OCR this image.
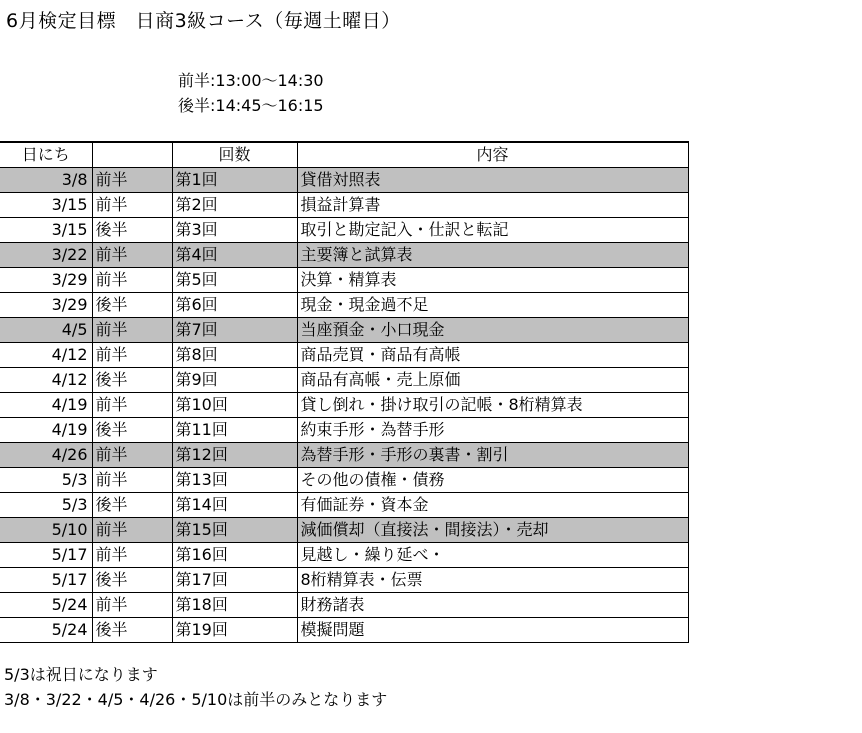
6月検定目標　日商3級コース（毎週土曜日）
前半:13:00〜14:30
後半:14:45〜16:15
日にち		回数	内容
3/8	前半	第1回	貸借対照表
3/15	前半	第2回	損益計算書
3/15	後半	第3回	取引と勘定記入・仕訳と転記
3/22	前半	第4回	主要簿と試算表
3/29	前半	第5回	決算・精算表
3/29	後半	第6回	現金・現金過不足
4/5	前半	第7回	当座預金・小口現金
4/12	前半	第8回	商品売買・商品有高帳
4/12	後半	第9回	商品有高帳・売上原価
4/19	前半	第10回	貸し倒れ・掛け取引の記帳・8桁精算表
4/19	後半	第11回	約束手形・為替手形
4/26	前半	第12回	為替手形・手形の裏書・割引
5/3	前半	第13回	その他の債権・債務
5/3	後半	第14回	有価証券・資本金
5/10	前半	第15回	減価償却（直接法・間接法）・売却
5/17	前半	第16回	見越し・繰り延べ・
5/17	後半	第17回	8桁精算表・伝票
5/24	前半	第18回	財務諸表
5/24	後半	第19回	模擬問題
5/3は祝日になります
3/8・3/22・4/5・4/26・5/10は前半のみとなります
